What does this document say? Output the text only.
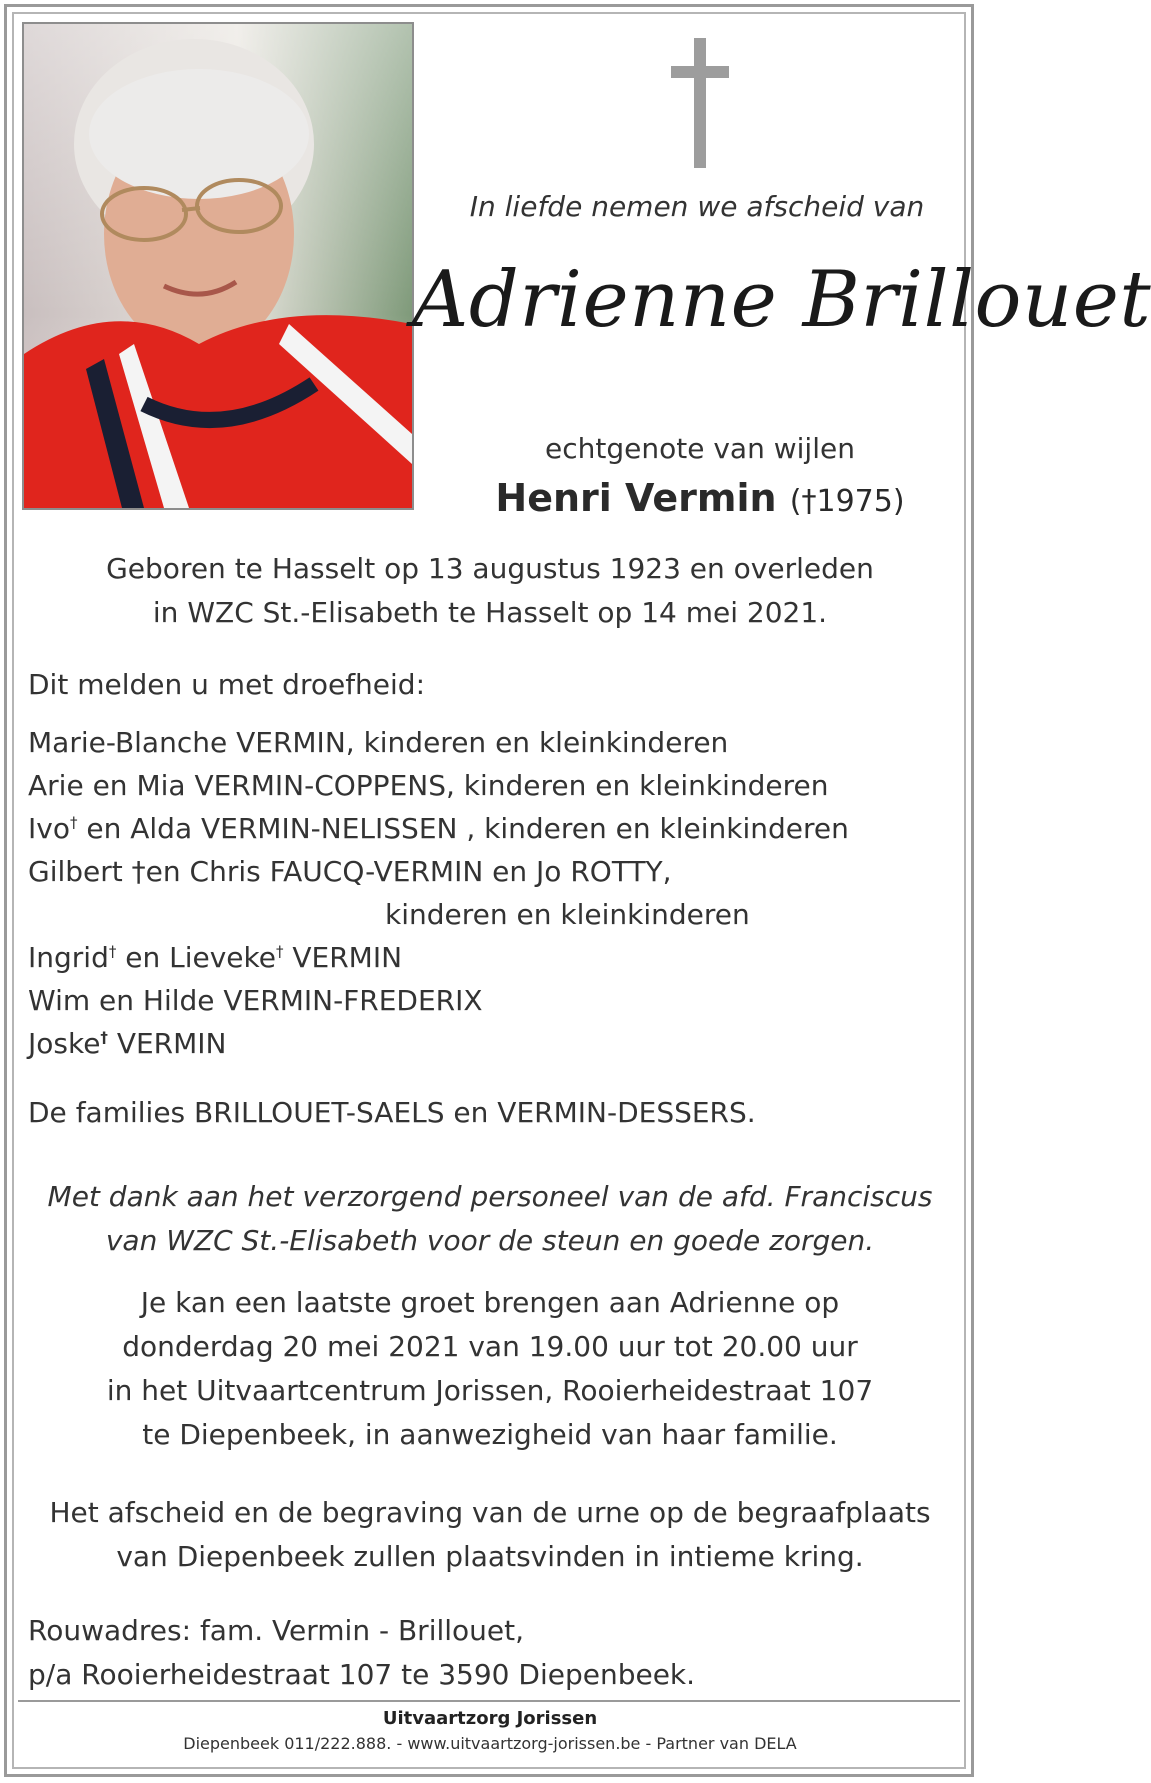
In liefde nemen we afscheid van
Adrienne Brillouet
echtgenote van wijlen
Henri Vermin (†1975)
Geboren te Hasselt op 13 augustus 1923 en overleden
in WZC St.-Elisabeth te Hasselt op 14 mei 2021.
Dit melden u met droefheid:
Marie-Blanche VERMIN, kinderen en kleinkinderen
Arie en Mia VERMIN-COPPENS, kinderen en kleinkinderen
Ivo† en Alda VERMIN-NELISSEN , kinderen en kleinkinderen
Gilbert †en Chris FAUCQ-VERMIN en Jo ROTTY,
kinderen en kleinkinderen
Ingrid† en Lieveke† VERMIN
Wim en Hilde VERMIN-FREDERIX
Joske† VERMIN
De families BRILLOUET-SAELS en VERMIN-DESSERS.
Met dank aan het verzorgend personeel van de afd. Franciscus
van WZC St.-Elisabeth voor de steun en goede zorgen.
Je kan een laatste groet brengen aan Adrienne op
donderdag 20 mei 2021 van 19.00 uur tot 20.00 uur
in het Uitvaartcentrum Jorissen, Rooierheidestraat 107
te Diepenbeek, in aanwezigheid van haar familie.
Het afscheid en de begraving van de urne op de begraafplaats
van Diepenbeek zullen plaatsvinden in intieme kring.
Rouwadres: fam. Vermin - Brillouet,
p/a Rooierheidestraat 107 te 3590 Diepenbeek.
Uitvaartzorg Jorissen
Diepenbeek 011/222.888. - www.uitvaartzorg-jorissen.be - Partner van DELA
